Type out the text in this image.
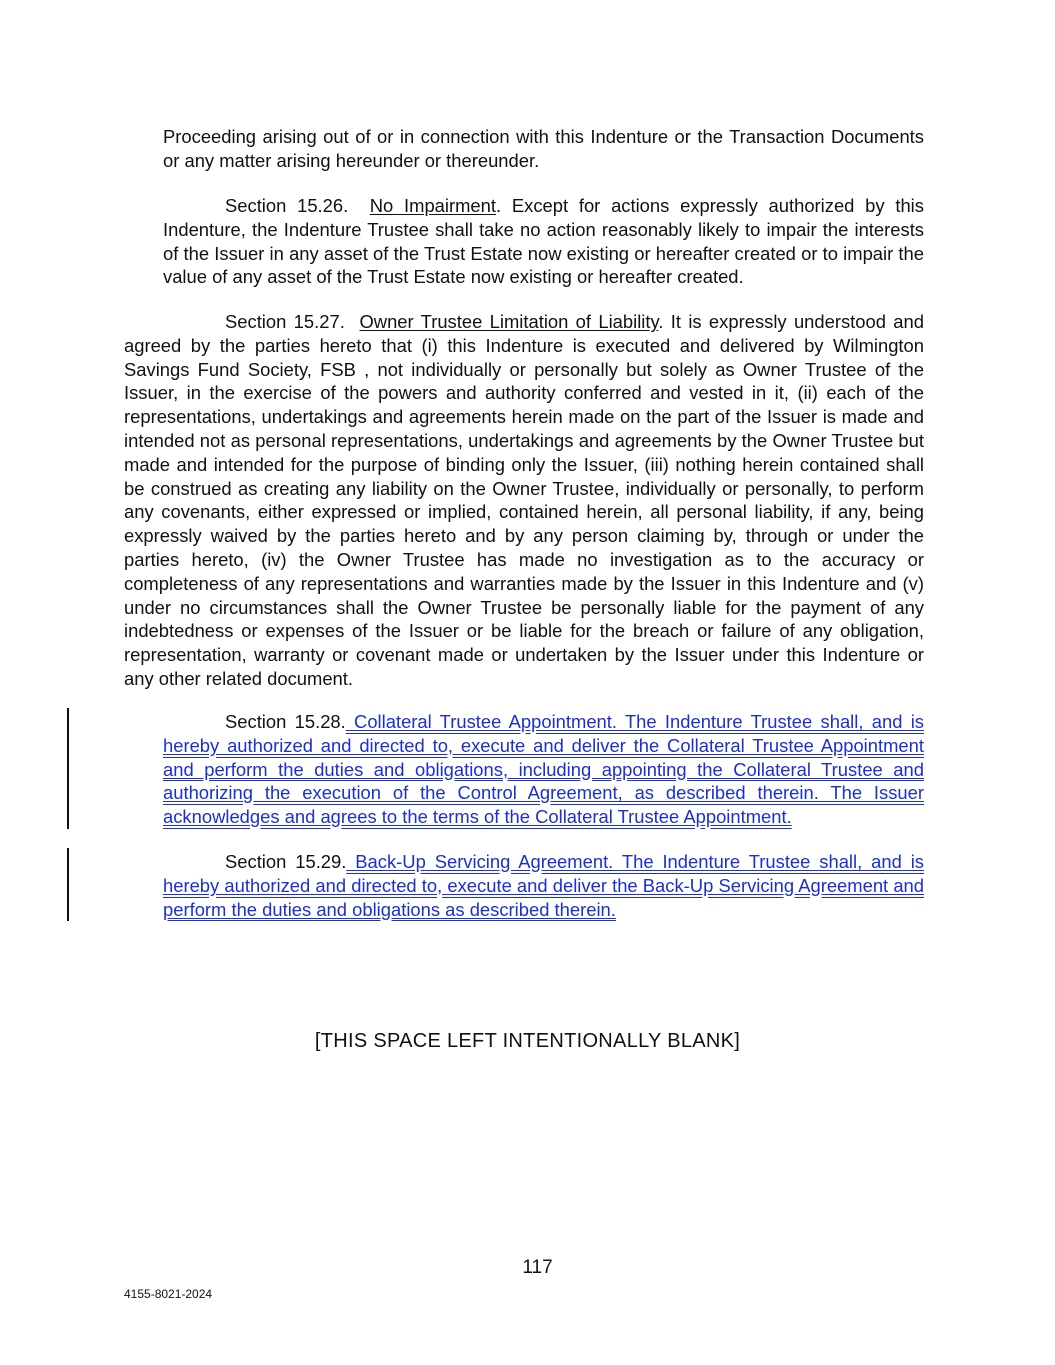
Proceeding arising out of or in connection with this Indenture or the Transaction Documents or any matter arising hereunder or thereunder.

Section 15.26. No Impairment. Except for actions expressly authorized by this Indenture, the Indenture Trustee shall take no action reasonably likely to impair the interests of the Issuer in any asset of the Trust Estate now existing or hereafter created or to impair the value of any asset of the Trust Estate now existing or hereafter created.

Section 15.27. Owner Trustee Limitation of Liability. It is expressly understood and agreed by the parties hereto that (i) this Indenture is executed and delivered by Wilmington Savings Fund Society, FSB , not individually or personally but solely as Owner Trustee of the Issuer, in the exercise of the powers and authority conferred and vested in it, (ii) each of the representations, undertakings and agreements herein made on the part of the Issuer is made and intended not as personal representations, undertakings and agreements by the Owner Trustee but made and intended for the purpose of binding only the Issuer, (iii) nothing herein contained shall be construed as creating any liability on the Owner Trustee, individually or personally, to perform any covenants, either expressed or implied, contained herein, all personal liability, if any, being expressly waived by the parties hereto and by any person claiming by, through or under the parties hereto, (iv) the Owner Trustee has made no investigation as to the accuracy or completeness of any representations and warranties made by the Issuer in this Indenture and (v) under no circumstances shall the Owner Trustee be personally liable for the payment of any indebtedness or expenses of the Issuer or be liable for the breach or failure of any obligation, representation, warranty or covenant made or undertaken by the Issuer under this Indenture or any other related document.

Section 15.28. Collateral Trustee Appointment. The Indenture Trustee shall, and is hereby authorized and directed to, execute and deliver the Collateral Trustee Appointment and perform the duties and obligations, including appointing the Collateral Trustee and authorizing the execution of the Control Agreement, as described therein. The Issuer acknowledges and agrees to the terms of the Collateral Trustee Appointment.

Section 15.29. Back-Up Servicing Agreement. The Indenture Trustee shall, and is hereby authorized and directed to, execute and deliver the Back-Up Servicing Agreement and perform the duties and obligations as described therein.

[THIS SPACE LEFT INTENTIONALLY BLANK]
117
4155-8021-2024
